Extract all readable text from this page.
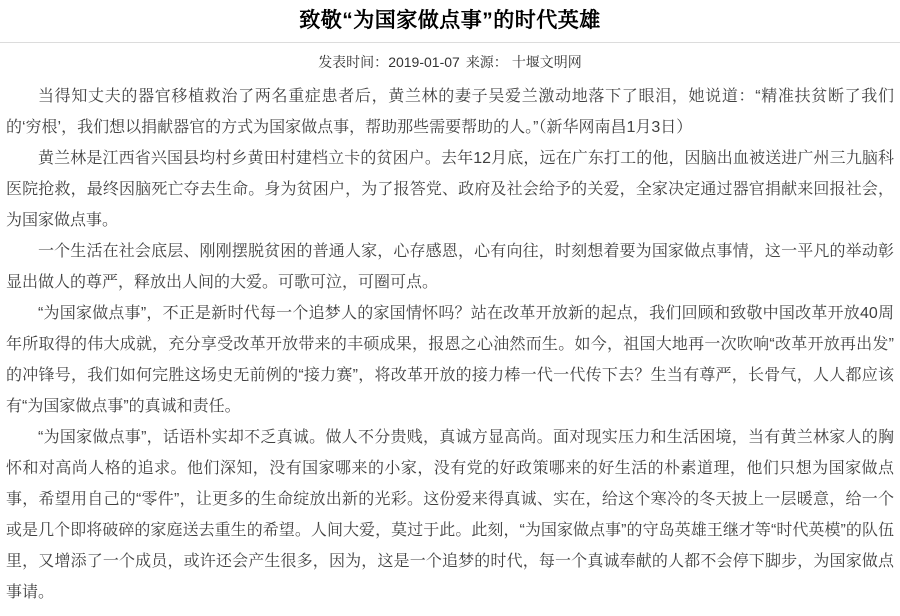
致敬“为国家做点事”的时代英雄
发表时间：2019-01-07 来源： 十堰文明网

当得知丈夫的器官移植救治了两名重症患者后，黄兰林的妻子吴爱兰激动地落下了眼泪，她说道：“精准扶贫断了我们的‘穷根’，我们想以捐献器官的方式为国家做点事，帮助那些需要帮助的人。”（新华网南昌1月3日）

黄兰林是江西省兴国县均村乡黄田村建档立卡的贫困户。去年12月底，远在广东打工的他，因脑出血被送进广州三九脑科医院抢救，最终因脑死亡夺去生命。身为贫困户，为了报答党、政府及社会给予的关爱，全家决定通过器官捐献来回报社会，为国家做点事。

一个生活在社会底层、刚刚摆脱贫困的普通人家，心存感恩，心有向往，时刻想着要为国家做点事情，这一平凡的举动彰显出做人的尊严，释放出人间的大爱。可歌可泣，可圈可点。

“为国家做点事”，不正是新时代每一个追梦人的家国情怀吗？站在改革开放新的起点，我们回顾和致敬中国改革开放40周年所取得的伟大成就，充分享受改革开放带来的丰硕成果，报恩之心油然而生。如今，祖国大地再一次吹响“改革开放再出发”的冲锋号，我们如何完胜这场史无前例的“接力赛”，将改革开放的接力棒一代一代传下去？生当有尊严，长骨气，人人都应该有“为国家做点事”的真诚和责任。

“为国家做点事”，话语朴实却不乏真诚。做人不分贵贱，真诚方显高尚。面对现实压力和生活困境，当有黄兰林家人的胸怀和对高尚人格的追求。他们深知，没有国家哪来的小家，没有党的好政策哪来的好生活的朴素道理，他们只想为国家做点事，希望用自己的“零件”，让更多的生命绽放出新的光彩。这份爱来得真诚、实在，给这个寒冷的冬天披上一层暖意，给一个或是几个即将破碎的家庭送去重生的希望。人间大爱，莫过于此。此刻，“为国家做点事”的守岛英雄王继才等“时代英模”的队伍里，又增添了一个成员，或许还会产生很多，因为，这是一个追梦的时代，每一个真诚奉献的人都不会停下脚步，为国家做点事请。
